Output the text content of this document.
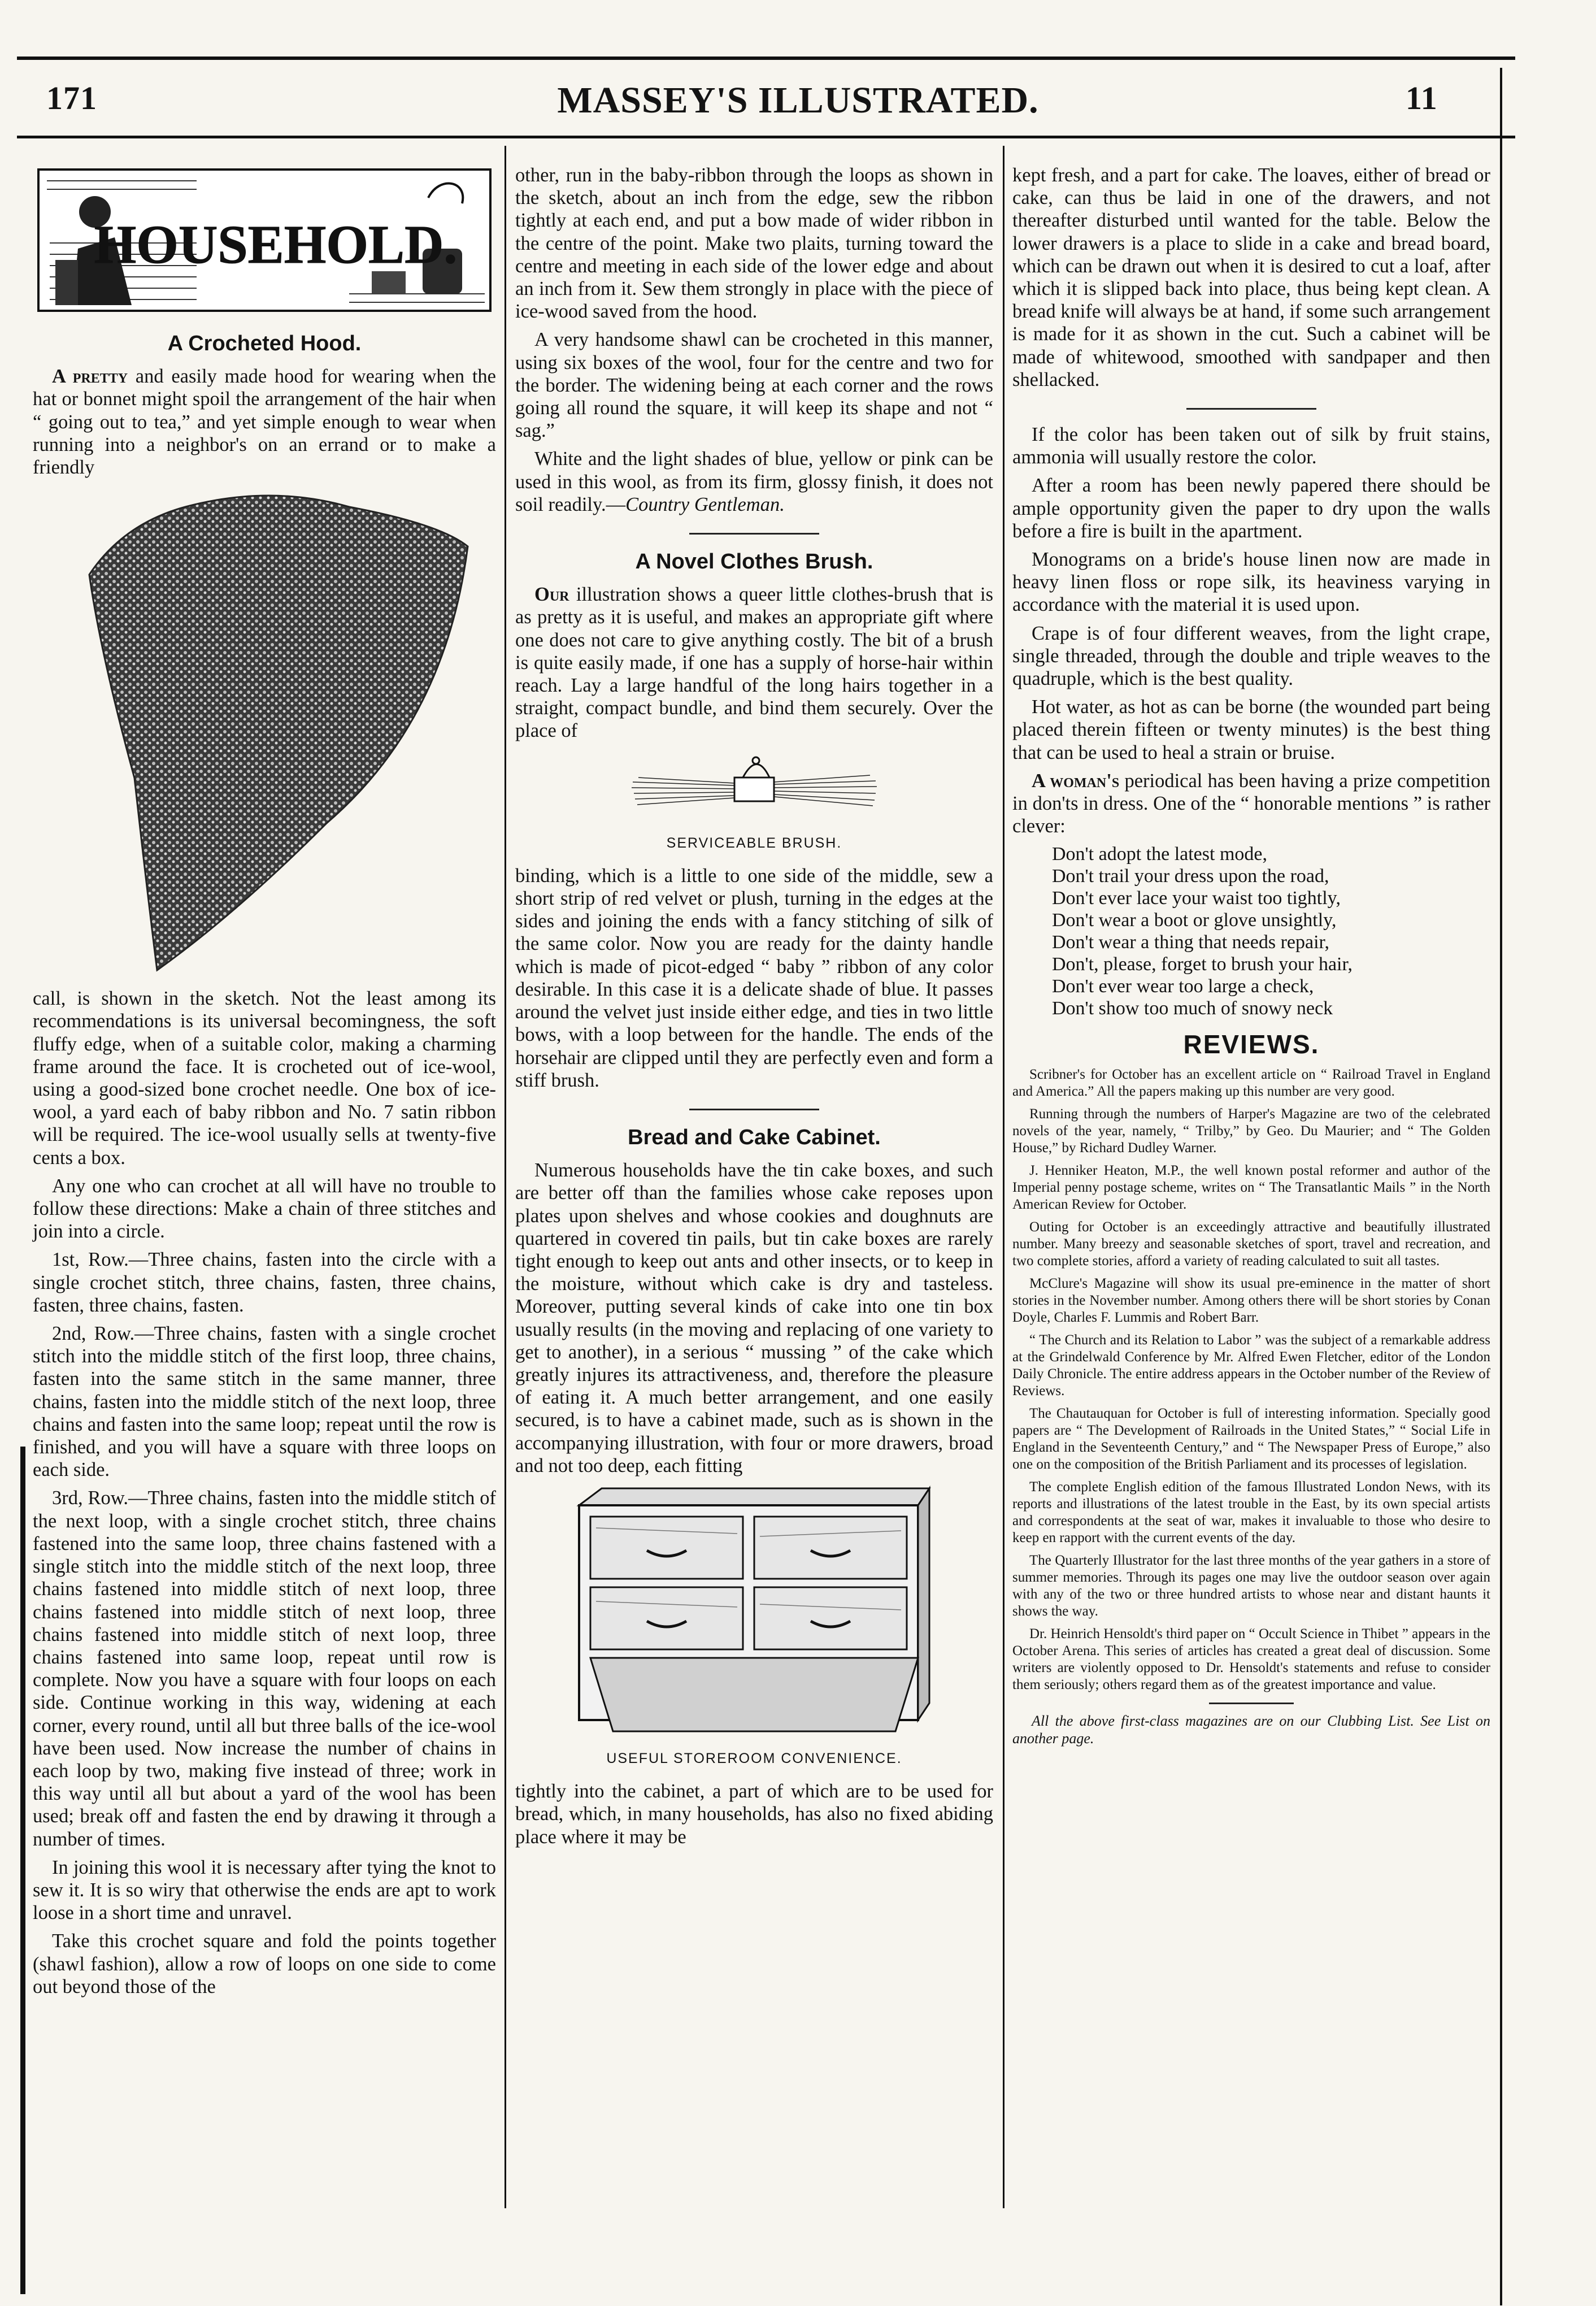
171	MASSEY'S ILLUSTRATED.	11
HOUSEHOLD.
A Crocheted Hood.

A pretty and easily made hood for wearing when the hat or bonnet might spoil the arrangement of the hair when “ going out to tea,” and yet simple enough to wear when running into a neighbor's on an errand or to make a friendly

call, is shown in the sketch. Not the least among its recommendations is its universal becomingness, the soft fluffy edge, when of a suitable color, making a charming frame around the face. It is crocheted out of ice-wool, using a good-sized bone crochet needle. One box of ice-wool, a yard each of baby ribbon and No. 7 satin ribbon will be required. The ice-wool usually sells at twenty-five cents a box.

Any one who can crochet at all will have no trouble to follow these directions: Make a chain of three stitches and join into a circle.

1st, Row.—Three chains, fasten into the circle with a single crochet stitch, three chains, fasten, three chains, fasten, three chains, fasten.

2nd, Row.—Three chains, fasten with a single crochet stitch into the middle stitch of the first loop, three chains, fasten into the same stitch in the same manner, three chains, fasten into the middle stitch of the next loop, three chains and fasten into the same loop; repeat until the row is finished, and you will have a square with three loops on each side.

3rd, Row.—Three chains, fasten into the middle stitch of the next loop, with a single crochet stitch, three chains fastened into the same loop, three chains fastened with a single stitch into the middle stitch of the next loop, three chains fastened into middle stitch of next loop, three chains fastened into middle stitch of next loop, three chains fastened into middle stitch of next loop, three chains fastened into same loop, repeat until row is complete. Now you have a square with four loops on each side. Continue working in this way, widening at each corner, every round, until all but three balls of the ice-wool have been used. Now increase the number of chains in each loop by two, making five instead of three; work in this way until all but about a yard of the wool has been used; break off and fasten the end by drawing it through a number of times.

In joining this wool it is necessary after tying the knot to sew it. It is so wiry that otherwise the ends are apt to work loose in a short time and unravel.

Take this crochet square and fold the points together (shawl fashion), allow a row of loops on one side to come out beyond those of the

other, run in the baby-ribbon through the loops as shown in the sketch, about an inch from the edge, sew the ribbon tightly at each end, and put a bow made of wider ribbon in the centre of the point. Make two plaits, turning toward the centre and meeting in each side of the lower edge and about an inch from it. Sew them strongly in place with the piece of ice-wood saved from the hood.

A very handsome shawl can be crocheted in this manner, using six boxes of the wool, four for the centre and two for the border. The widening being at each corner and the rows going all round the square, it will keep its shape and not “ sag.”

White and the light shades of blue, yellow or pink can be used in this wool, as from its firm, glossy finish, it does not soil readily.—Country Gentleman.

A Novel Clothes Brush.

Our illustration shows a queer little clothes-brush that is as pretty as it is useful, and makes an appropriate gift where one does not care to give anything costly. The bit of a brush is quite easily made, if one has a supply of horse-hair within reach. Lay a large handful of the long hairs together in a straight, compact bundle, and bind them securely. Over the place of

SERVICEABLE BRUSH.

binding, which is a little to one side of the middle, sew a short strip of red velvet or plush, turning in the edges at the sides and joining the ends with a fancy stitching of silk of the same color. Now you are ready for the dainty handle which is made of picot-edged “ baby ” ribbon of any color desirable. In this case it is a delicate shade of blue. It passes around the velvet just inside either edge, and ties in two little bows, with a loop between for the handle. The ends of the horsehair are clipped until they are perfectly even and form a stiff brush.

Bread and Cake Cabinet.

Numerous households have the tin cake boxes, and such are better off than the families whose cake reposes upon plates upon shelves and whose cookies and doughnuts are quartered in covered tin pails, but tin cake boxes are rarely tight enough to keep out ants and other insects, or to keep in the moisture, without which cake is dry and tasteless. Moreover, putting several kinds of cake into one tin box usually results (in the moving and replacing of one variety to get to another), in a serious “ mussing ” of the cake which greatly injures its attractiveness, and, therefore the pleasure of eating it. A much better arrangement, and one easily secured, is to have a cabinet made, such as is shown in the accompanying illustration, with four or more drawers, broad and not too deep, each fitting

USEFUL STOREROOM CONVENIENCE.

tightly into the cabinet, a part of which are to be used for bread, which, in many households, has also no fixed abiding place where it may be

kept fresh, and a part for cake. The loaves, either of bread or cake, can thus be laid in one of the drawers, and not thereafter disturbed until wanted for the table. Below the lower drawers is a place to slide in a cake and bread board, which can be drawn out when it is desired to cut a loaf, after which it is slipped back into place, thus being kept clean. A bread knife will always be at hand, if some such arrangement is made for it as shown in the cut. Such a cabinet will be made of whitewood, smoothed with sandpaper and then shellacked.

If the color has been taken out of silk by fruit stains, ammonia will usually restore the color.

After a room has been newly papered there should be ample opportunity given the paper to dry upon the walls before a fire is built in the apartment.

Monograms on a bride's house linen now are made in heavy linen floss or rope silk, its heaviness varying in accordance with the material it is used upon.

Crape is of four different weaves, from the light crape, single threaded, through the double and triple weaves to the quadruple, which is the best quality.

Hot water, as hot as can be borne (the wounded part being placed therein fifteen or twenty minutes) is the best thing that can be used to heal a strain or bruise.

A woman's periodical has been having a prize competition in don'ts in dress. One of the “ honorable mentions ” is rather clever:

Don't adopt the latest mode,
Don't trail your dress upon the road,
Don't ever lace your waist too tightly,
Don't wear a boot or glove unsightly,
Don't wear a thing that needs repair,
Don't, please, forget to brush your hair,
Don't ever wear too large a check,
Don't show too much of snowy neck
REVIEWS.

Scribner's for October has an excellent article on “ Railroad Travel in England and America.” All the papers making up this number are very good.

Running through the numbers of Harper's Magazine are two of the celebrated novels of the year, namely, “ Trilby,” by Geo. Du Maurier; and “ The Golden House,” by Richard Dudley Warner.

J. Henniker Heaton, M.P., the well known postal reformer and author of the Imperial penny postage scheme, writes on “ The Transatlantic Mails ” in the North American Review for October.

Outing for October is an exceedingly attractive and beautifully illustrated number. Many breezy and seasonable sketches of sport, travel and recreation, and two complete stories, afford a variety of reading calculated to suit all tastes.

McClure's Magazine will show its usual pre-eminence in the matter of short stories in the November number. Among others there will be short stories by Conan Doyle, Charles F. Lummis and Robert Barr.

“ The Church and its Relation to Labor ” was the subject of a remarkable address at the Grindelwald Conference by Mr. Alfred Ewen Fletcher, editor of the London Daily Chronicle. The entire address appears in the October number of the Review of Reviews.

The Chautauquan for October is full of interesting information. Specially good papers are “ The Development of Railroads in the United States,” “ Social Life in England in the Seventeenth Century,” and “ The Newspaper Press of Europe,” also one on the composition of the British Parliament and its processes of legislation.

The complete English edition of the famous Illustrated London News, with its reports and illustrations of the latest trouble in the East, by its own special artists and correspondents at the seat of war, makes it invaluable to those who desire to keep en rapport with the current events of the day.

The Quarterly Illustrator for the last three months of the year gathers in a store of summer memories. Through its pages one may live the outdoor season over again with any of the two or three hundred artists to whose near and distant haunts it shows the way.

Dr. Heinrich Hensoldt's third paper on “ Occult Science in Thibet ” appears in the October Arena. This series of articles has created a great deal of discussion. Some writers are violently opposed to Dr. Hensoldt's statements and refuse to consider them seriously; others regard them as of the greatest importance and value.

All the above first-class magazines are on our Clubbing List. See List on another page.
